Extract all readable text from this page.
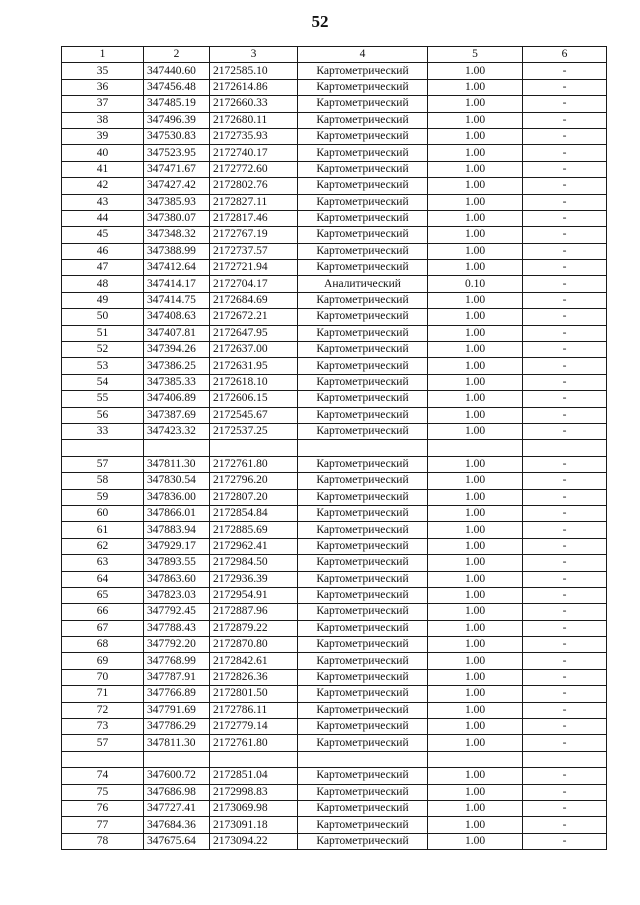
52
1	2	3	4	5	6
35	347440.60	2172585.10	Картометрический	1.00	-
36	347456.48	2172614.86	Картометрический	1.00	-
37	347485.19	2172660.33	Картометрический	1.00	-
38	347496.39	2172680.11	Картометрический	1.00	-
39	347530.83	2172735.93	Картометрический	1.00	-
40	347523.95	2172740.17	Картометрический	1.00	-
41	347471.67	2172772.60	Картометрический	1.00	-
42	347427.42	2172802.76	Картометрический	1.00	-
43	347385.93	2172827.11	Картометрический	1.00	-
44	347380.07	2172817.46	Картометрический	1.00	-
45	347348.32	2172767.19	Картометрический	1.00	-
46	347388.99	2172737.57	Картометрический	1.00	-
47	347412.64	2172721.94	Картометрический	1.00	-
48	347414.17	2172704.17	Аналитический	0.10	-
49	347414.75	2172684.69	Картометрический	1.00	-
50	347408.63	2172672.21	Картометрический	1.00	-
51	347407.81	2172647.95	Картометрический	1.00	-
52	347394.26	2172637.00	Картометрический	1.00	-
53	347386.25	2172631.95	Картометрический	1.00	-
54	347385.33	2172618.10	Картометрический	1.00	-
55	347406.89	2172606.15	Картометрический	1.00	-
56	347387.69	2172545.67	Картометрический	1.00	-
33	347423.32	2172537.25	Картометрический	1.00	-

57	347811.30	2172761.80	Картометрический	1.00	-
58	347830.54	2172796.20	Картометрический	1.00	-
59	347836.00	2172807.20	Картометрический	1.00	-
60	347866.01	2172854.84	Картометрический	1.00	-
61	347883.94	2172885.69	Картометрический	1.00	-
62	347929.17	2172962.41	Картометрический	1.00	-
63	347893.55	2172984.50	Картометрический	1.00	-
64	347863.60	2172936.39	Картометрический	1.00	-
65	347823.03	2172954.91	Картометрический	1.00	-
66	347792.45	2172887.96	Картометрический	1.00	-
67	347788.43	2172879.22	Картометрический	1.00	-
68	347792.20	2172870.80	Картометрический	1.00	-
69	347768.99	2172842.61	Картометрический	1.00	-
70	347787.91	2172826.36	Картометрический	1.00	-
71	347766.89	2172801.50	Картометрический	1.00	-
72	347791.69	2172786.11	Картометрический	1.00	-
73	347786.29	2172779.14	Картометрический	1.00	-
57	347811.30	2172761.80	Картометрический	1.00	-

74	347600.72	2172851.04	Картометрический	1.00	-
75	347686.98	2172998.83	Картометрический	1.00	-
76	347727.41	2173069.98	Картометрический	1.00	-
77	347684.36	2173091.18	Картометрический	1.00	-
78	347675.64	2173094.22	Картометрический	1.00	-
